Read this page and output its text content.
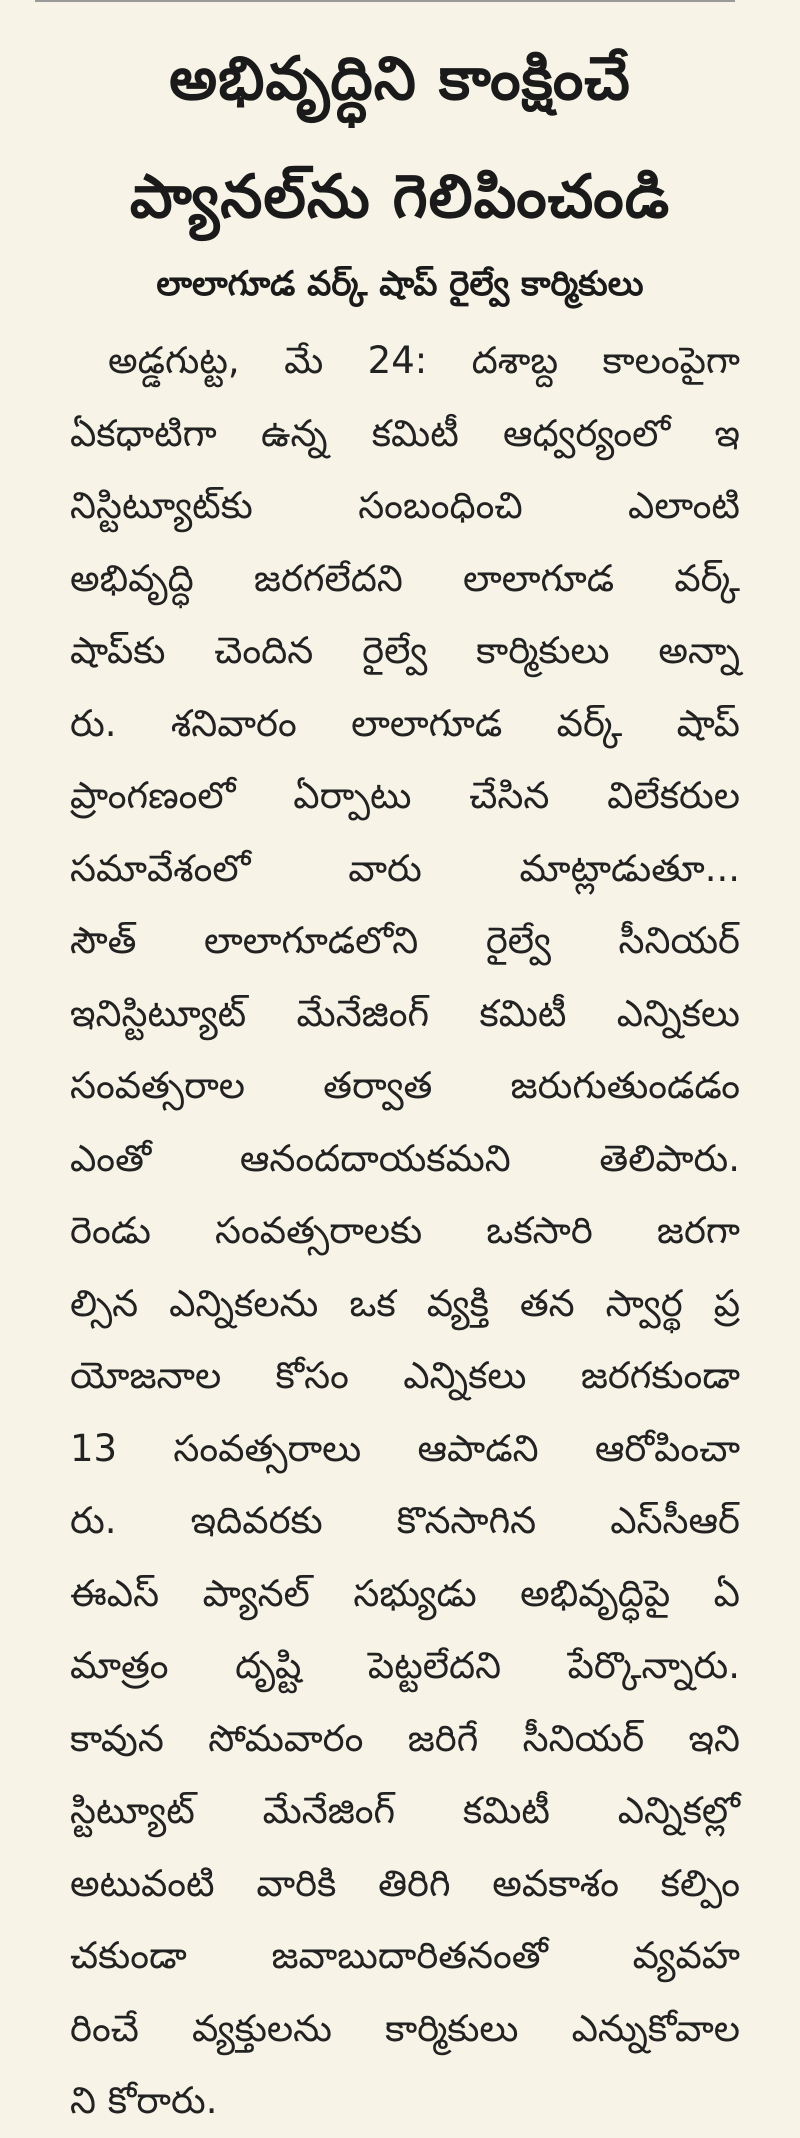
అభివృద్ధిని కాంక్షించే
ప్యానల్‌ను గెలిపించండి
లాలాగూడ వర్క్ షాప్ రైల్వే కార్మికులు
అడ్డగుట్ట, మే 24: దశాబ్ద కాలంపైగా
ఏకధాటిగా ఉన్న కమిటీ ఆధ్వర్యంలో ఇ
నిస్టిట్యూట్‌కు సంబంధించి ఎలాంటి
అభివృద్ధి జరగలేదని లాలాగూడ వర్క్
షాప్‌కు చెందిన రైల్వే కార్మికులు అన్నా
రు. శనివారం లాలాగూడ వర్క్ షాప్
ప్రాంగణంలో ఏర్పాటు చేసిన విలేకరుల
సమావేశంలో వారు మాట్లాడుతూ...
సౌత్ లాలాగూడలోని రైల్వే సీనియర్
ఇనిస్టిట్యూట్ మేనేజింగ్ కమిటీ ఎన్నికలు
సంవత్సరాల తర్వాత జరుగుతుండడం
ఎంతో ఆనందదాయకమని తెలిపారు.
రెండు సంవత్సరాలకు ఒకసారి జరగా
ల్సిన ఎన్నికలను ఒక వ్యక్తి తన స్వార్థ ప్ర
యోజనాల కోసం ఎన్నికలు జరగకుండా
13 సంవత్సరాలు ఆపాడని ఆరోపించా
రు. ఇదివరకు కొనసాగిన ఎస్‌సీఆర్
ఈఎస్ ప్యానల్ సభ్యుడు అభివృద్ధిపై ఏ
మాత్రం దృష్టి పెట్టలేదని పేర్కొన్నారు.
కావున సోమవారం జరిగే సీనియర్ ఇని
స్టిట్యూట్ మేనేజింగ్ కమిటీ ఎన్నికల్లో
అటువంటి వారికి తిరిగి అవకాశం కల్పిం
చకుండా జవాబుదారితనంతో వ్యవహ
రించే వ్యక్తులను కార్మికులు ఎన్నుకోవాల
ని కోరారు.
